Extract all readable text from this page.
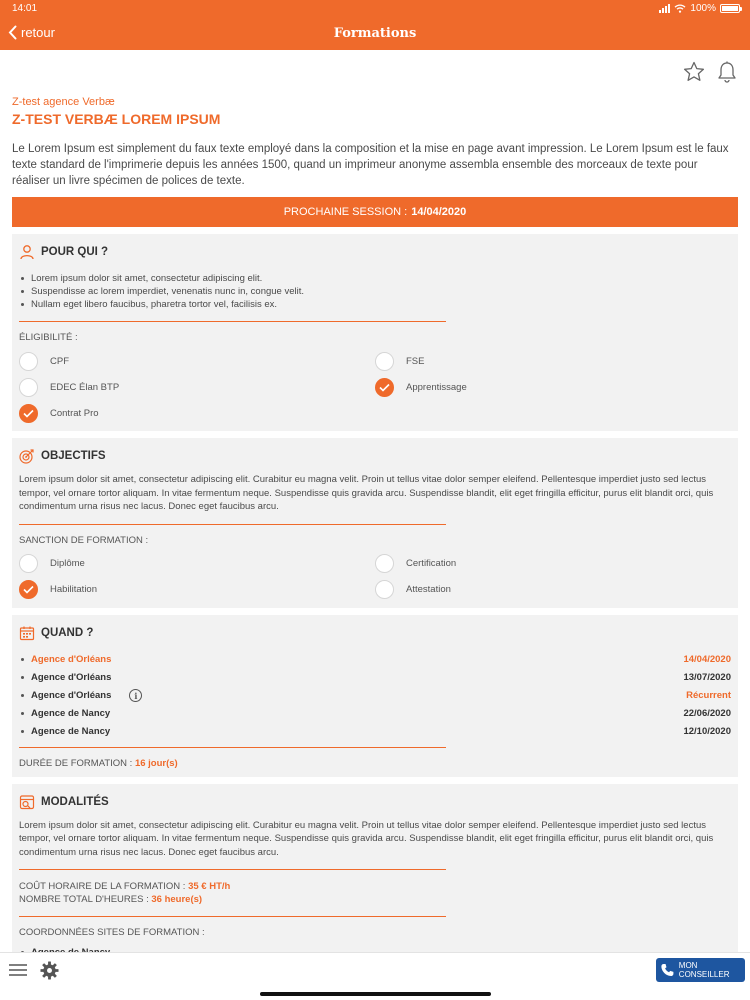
14:01	100%
retour	Formations
Z-test agence Verbæ
Z-TEST VERBÆ LOREM IPSUM

Le Lorem Ipsum est simplement du faux texte employé dans la composition et la mise en page avant impression. Le Lorem Ipsum est le faux texte standard de l'imprimerie depuis les années 1500, quand un imprimeur anonyme assembla ensemble des morceaux de texte pour réaliser un livre spécimen de polices de texte.

PROCHAINE SESSION : 14/04/2020
POUR QUI ?
Lorem ipsum dolor sit amet, consectetur adipiscing elit.
Suspendisse ac lorem imperdiet, venenatis nunc in, congue velit.
Nullam eget libero faucibus, pharetra tortor vel, facilisis ex.
ÉLIGIBILITÉ :
CPF	FSE
EDEC Élan BTP	Apprentissage
Contrat Pro
OBJECTIFS

Lorem ipsum dolor sit amet, consectetur adipiscing elit. Curabitur eu magna velit. Proin ut tellus vitae dolor semper eleifend. Pellentesque imperdiet justo sed lectus tempor, vel ornare tortor aliquam. In vitae fermentum neque. Suspendisse quis gravida arcu. Suspendisse blandit, elit eget fringilla efficitur, purus elit blandit orci, quis condimentum urna risus nec lacus. Donec eget faucibus arcu.

SANCTION DE FORMATION :
Diplôme	Certification
Habilitation	Attestation
QUAND ?
Agence d'Orléans	14/04/2020
Agence d'Orléans	13/07/2020
Agence d'Orléans	i	Récurrent
Agence de Nancy	22/06/2020
Agence de Nancy	12/10/2020
DURÉE DE FORMATION : 16 jour(s)
MODALITÉS

Lorem ipsum dolor sit amet, consectetur adipiscing elit. Curabitur eu magna velit. Proin ut tellus vitae dolor semper eleifend. Pellentesque imperdiet justo sed lectus tempor, vel ornare tortor aliquam. In vitae fermentum neque. Suspendisse quis gravida arcu. Suspendisse blandit, elit eget fringilla efficitur, purus elit blandit orci, quis condimentum urna risus nec lacus. Donec eget faucibus arcu.

COÛT HORAIRE DE LA FORMATION : 35 € HT/h
NOMBRE TOTAL D'HEURES : 36 heure(s)
COORDONNÉES SITES DE FORMATION :
MON CONSEILLER
